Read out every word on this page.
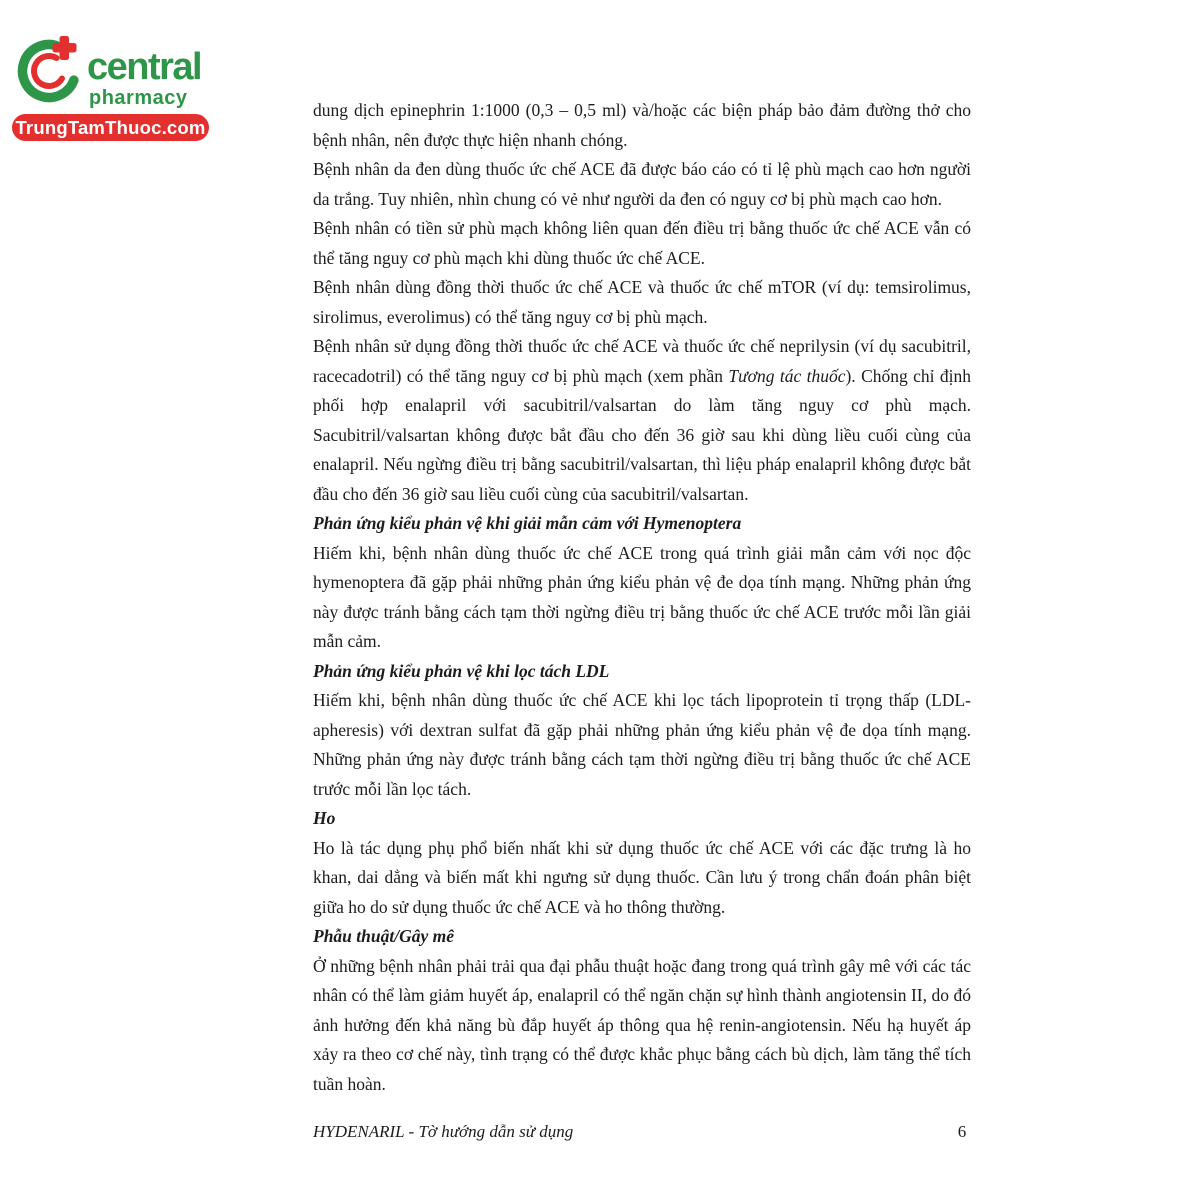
central
pharmacy
TrungTamThuoc.com

dung dịch epinephrin 1:1000 (0,3 – 0,5 ml) và/hoặc các biện pháp bảo đảm đường thở cho bệnh nhân, nên được thực hiện nhanh chóng.

Bệnh nhân da đen dùng thuốc ức chế ACE đã được báo cáo có tỉ lệ phù mạch cao hơn người da trắng. Tuy nhiên, nhìn chung có vẻ như người da đen có nguy cơ bị phù mạch cao hơn.

Bệnh nhân có tiền sử phù mạch không liên quan đến điều trị bằng thuốc ức chế ACE vẫn có thể tăng nguy cơ phù mạch khi dùng thuốc ức chế ACE.

Bệnh nhân dùng đồng thời thuốc ức chế ACE và thuốc ức chế mTOR (ví dụ: temsirolimus, sirolimus, everolimus) có thể tăng nguy cơ bị phù mạch.

Bệnh nhân sử dụng đồng thời thuốc ức chế ACE và thuốc ức chế neprilysin (ví dụ sacubitril, racecadotril) có thể tăng nguy cơ bị phù mạch (xem phần Tương tác thuốc). Chống chỉ định phối hợp enalapril với sacubitril/valsartan do làm tăng nguy cơ phù mạch. Sacubitril/valsartan không được bắt đầu cho đến 36 giờ sau khi dùng liều cuối cùng của enalapril. Nếu ngừng điều trị bằng sacubitril/valsartan, thì liệu pháp enalapril không được bắt đầu cho đến 36 giờ sau liều cuối cùng của sacubitril/valsartan.

Phản ứng kiểu phản vệ khi giải mẫn cảm với Hymenoptera

Hiếm khi, bệnh nhân dùng thuốc ức chế ACE trong quá trình giải mẫn cảm với nọc độc hymenoptera đã gặp phải những phản ứng kiểu phản vệ đe dọa tính mạng. Những phản ứng này được tránh bằng cách tạm thời ngừng điều trị bằng thuốc ức chế ACE trước mỗi lần giải mẫn cảm.

Phản ứng kiểu phản vệ khi lọc tách LDL

Hiếm khi, bệnh nhân dùng thuốc ức chế ACE khi lọc tách lipoprotein tỉ trọng thấp (LDL-apheresis) với dextran sulfat đã gặp phải những phản ứng kiểu phản vệ đe dọa tính mạng. Những phản ứng này được tránh bằng cách tạm thời ngừng điều trị bằng thuốc ức chế ACE trước mỗi lần lọc tách.

Ho

Ho là tác dụng phụ phổ biến nhất khi sử dụng thuốc ức chế ACE với các đặc trưng là ho khan, dai dẳng và biến mất khi ngưng sử dụng thuốc. Cần lưu ý trong chẩn đoán phân biệt giữa ho do sử dụng thuốc ức chế ACE và ho thông thường.

Phẫu thuật/Gây mê

Ở những bệnh nhân phải trải qua đại phẫu thuật hoặc đang trong quá trình gây mê với các tác nhân có thể làm giảm huyết áp, enalapril có thể ngăn chặn sự hình thành angiotensin II, do đó ảnh hưởng đến khả năng bù đắp huyết áp thông qua hệ renin-angiotensin. Nếu hạ huyết áp xảy ra theo cơ chế này, tình trạng có thể được khắc phục bằng cách bù dịch, làm tăng thể tích tuần hoàn.

HYDENARIL - Tờ hướng dẫn sử dụng	6
